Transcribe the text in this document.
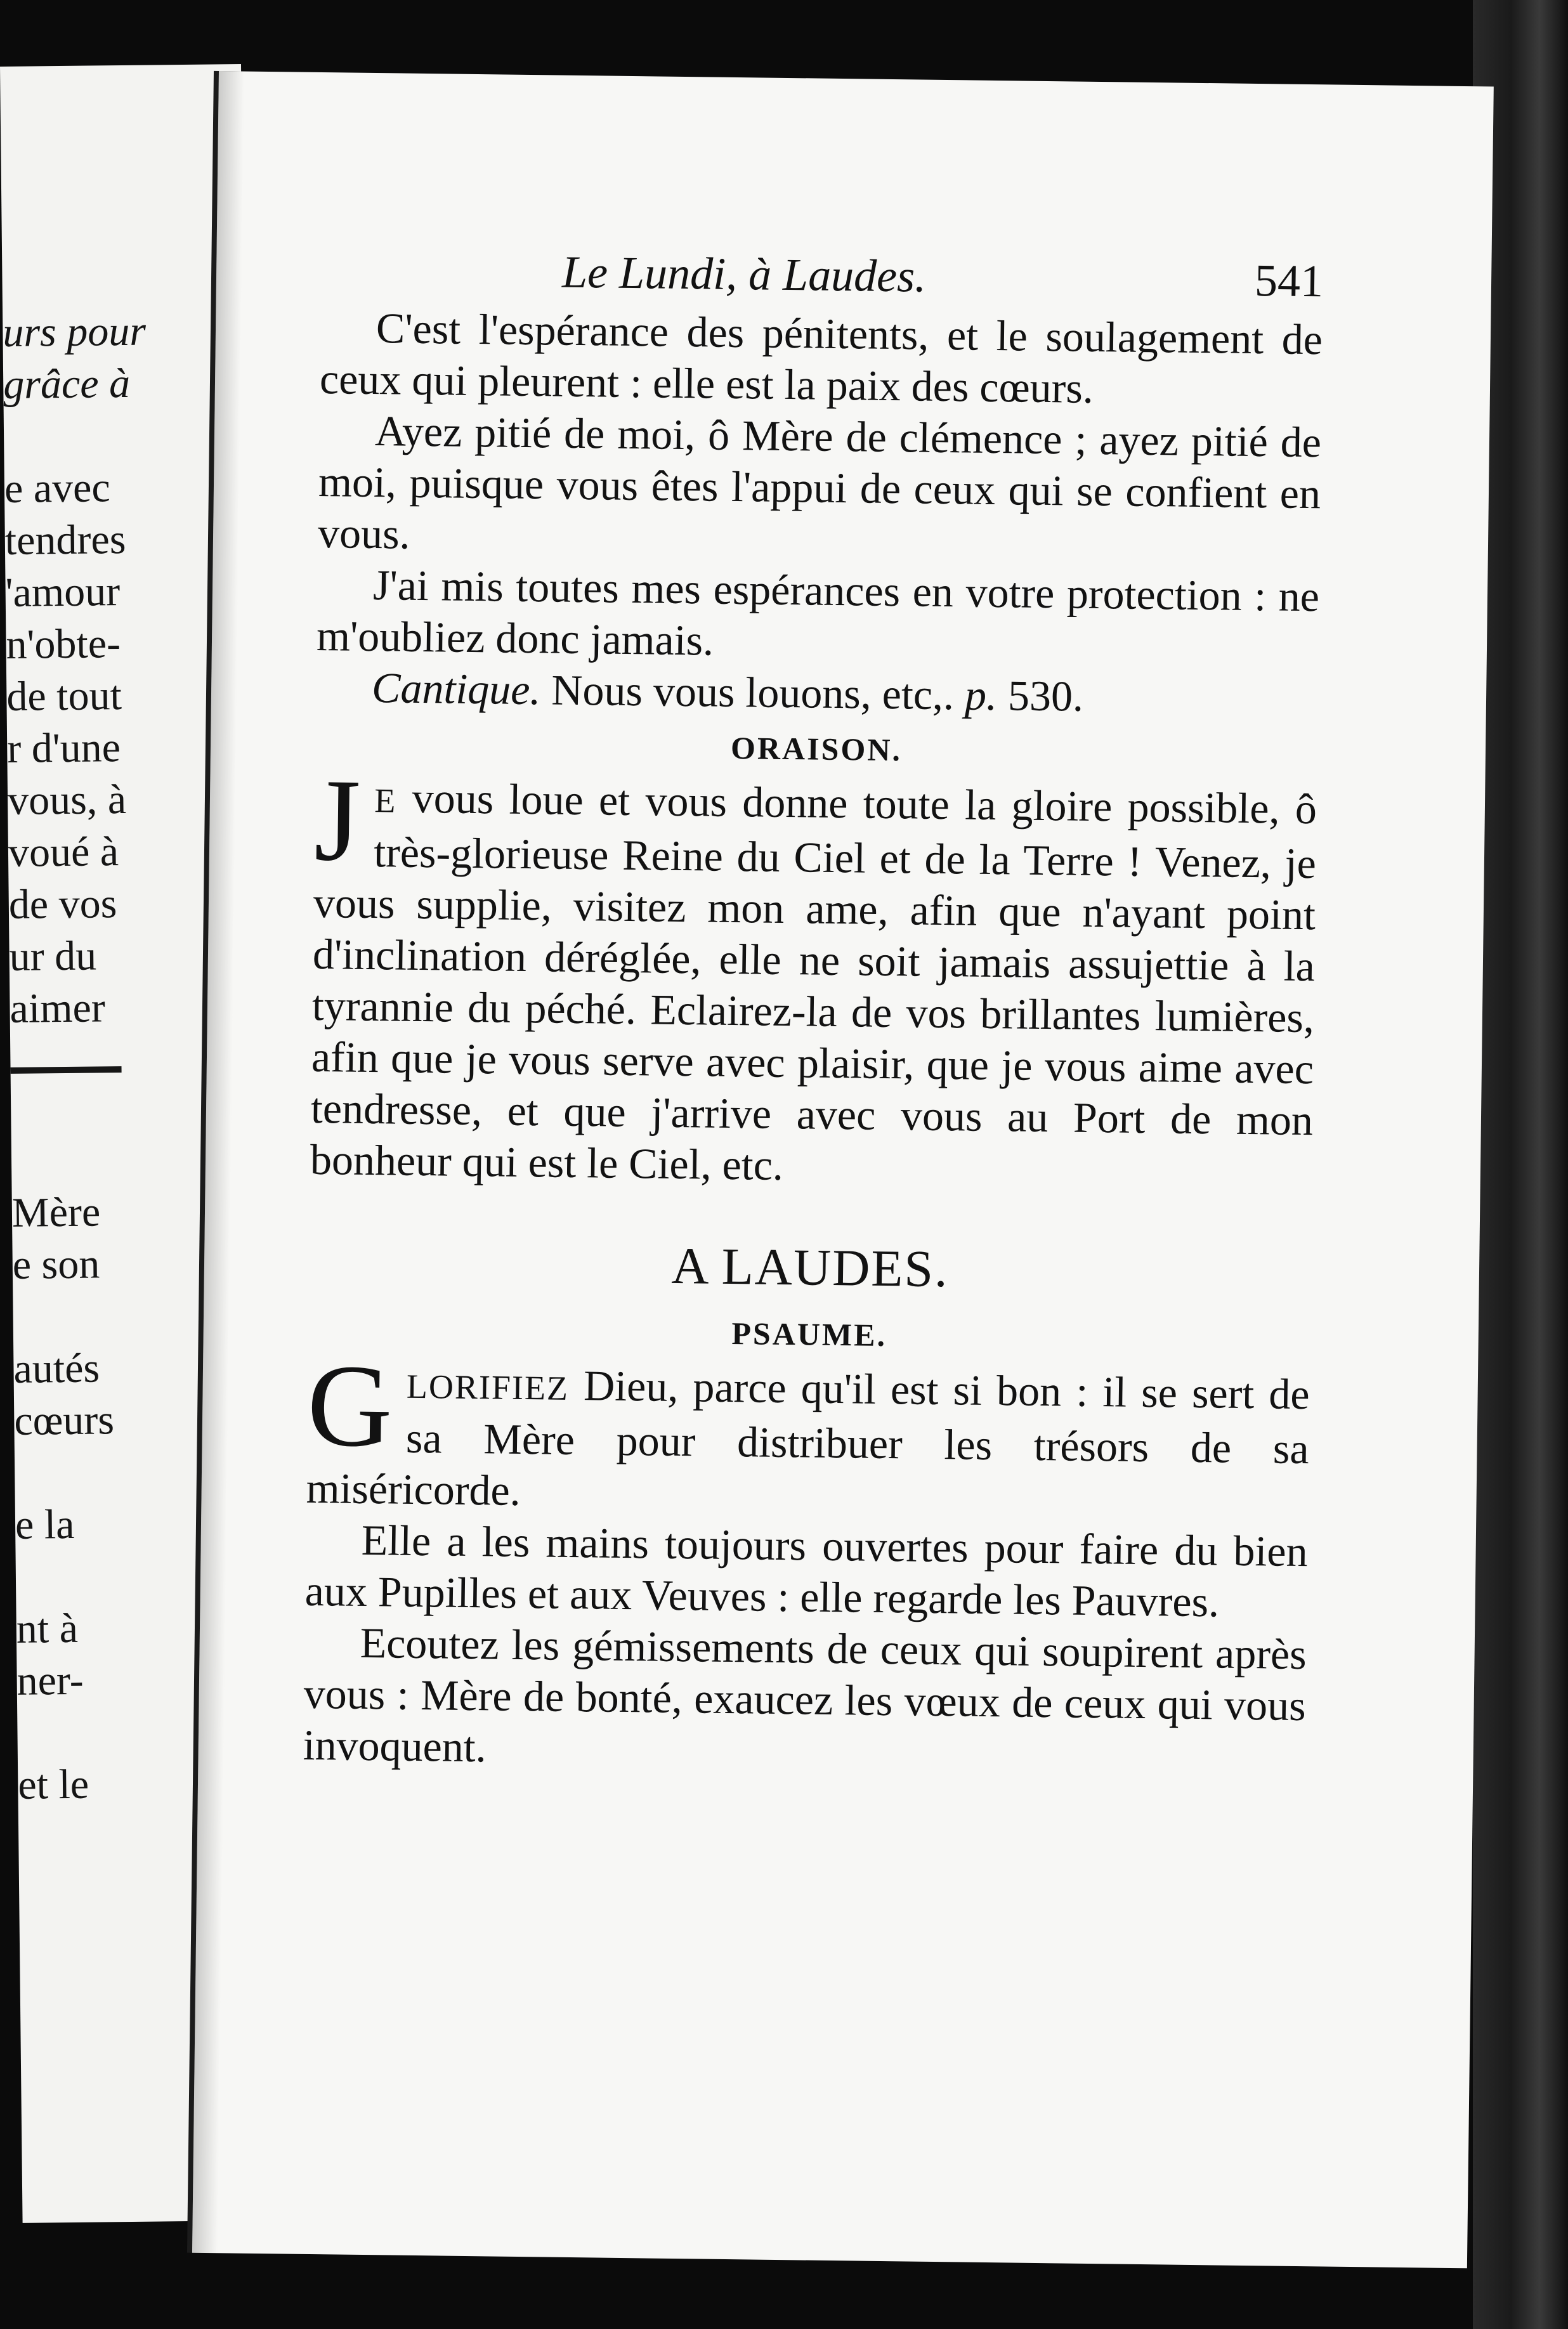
urs pour
grâce à
e avec
tendres
'amour
n'obte-
de tout
r d'une
vous, à
voué à
de vos
ur du
aimer
Mère
e son
autés
cœurs
e la
nt à
ner-
et le
Le Lundi, à Laudes.	541

C'est l'espérance des pénitents, et le soulagement de ceux qui pleurent : elle est la paix des cœurs.

Ayez pitié de moi, ô Mère de clémence ; ayez pitié de moi, puisque vous êtes l'appui de ceux qui se confient en vous.

J'ai mis toutes mes espérances en votre protection : ne m'oubliez donc jamais.

Cantique. Nous vous louons, etc,. p. 530.

ORAISON.

J E vous loue et vous donne toute la gloire possible, ô très-glorieuse Reine du Ciel et de la Terre ! Venez, je vous supplie, visitez mon ame, afin que n'ayant point d'inclination déréglée, elle ne soit jamais assujettie à la tyrannie du péché. Eclairez-la de vos brillantes lumières, afin que je vous serve avec plaisir, que je vous aime avec tendresse, et que j'arrive avec vous au Port de mon bonheur qui est le Ciel, etc.

A LAUDES.
PSAUME.

GLORIFIEZ Dieu, parce qu'il est si bon : il se sert de sa Mère pour distribuer les trésors de sa miséricorde.

Elle a les mains toujours ouvertes pour faire du bien aux Pupilles et aux Veuves : elle regarde les Pauvres.

Ecoutez les gémissements de ceux qui soupirent après vous : Mère de bonté, exaucez les vœux de ceux qui vous invoquent.
